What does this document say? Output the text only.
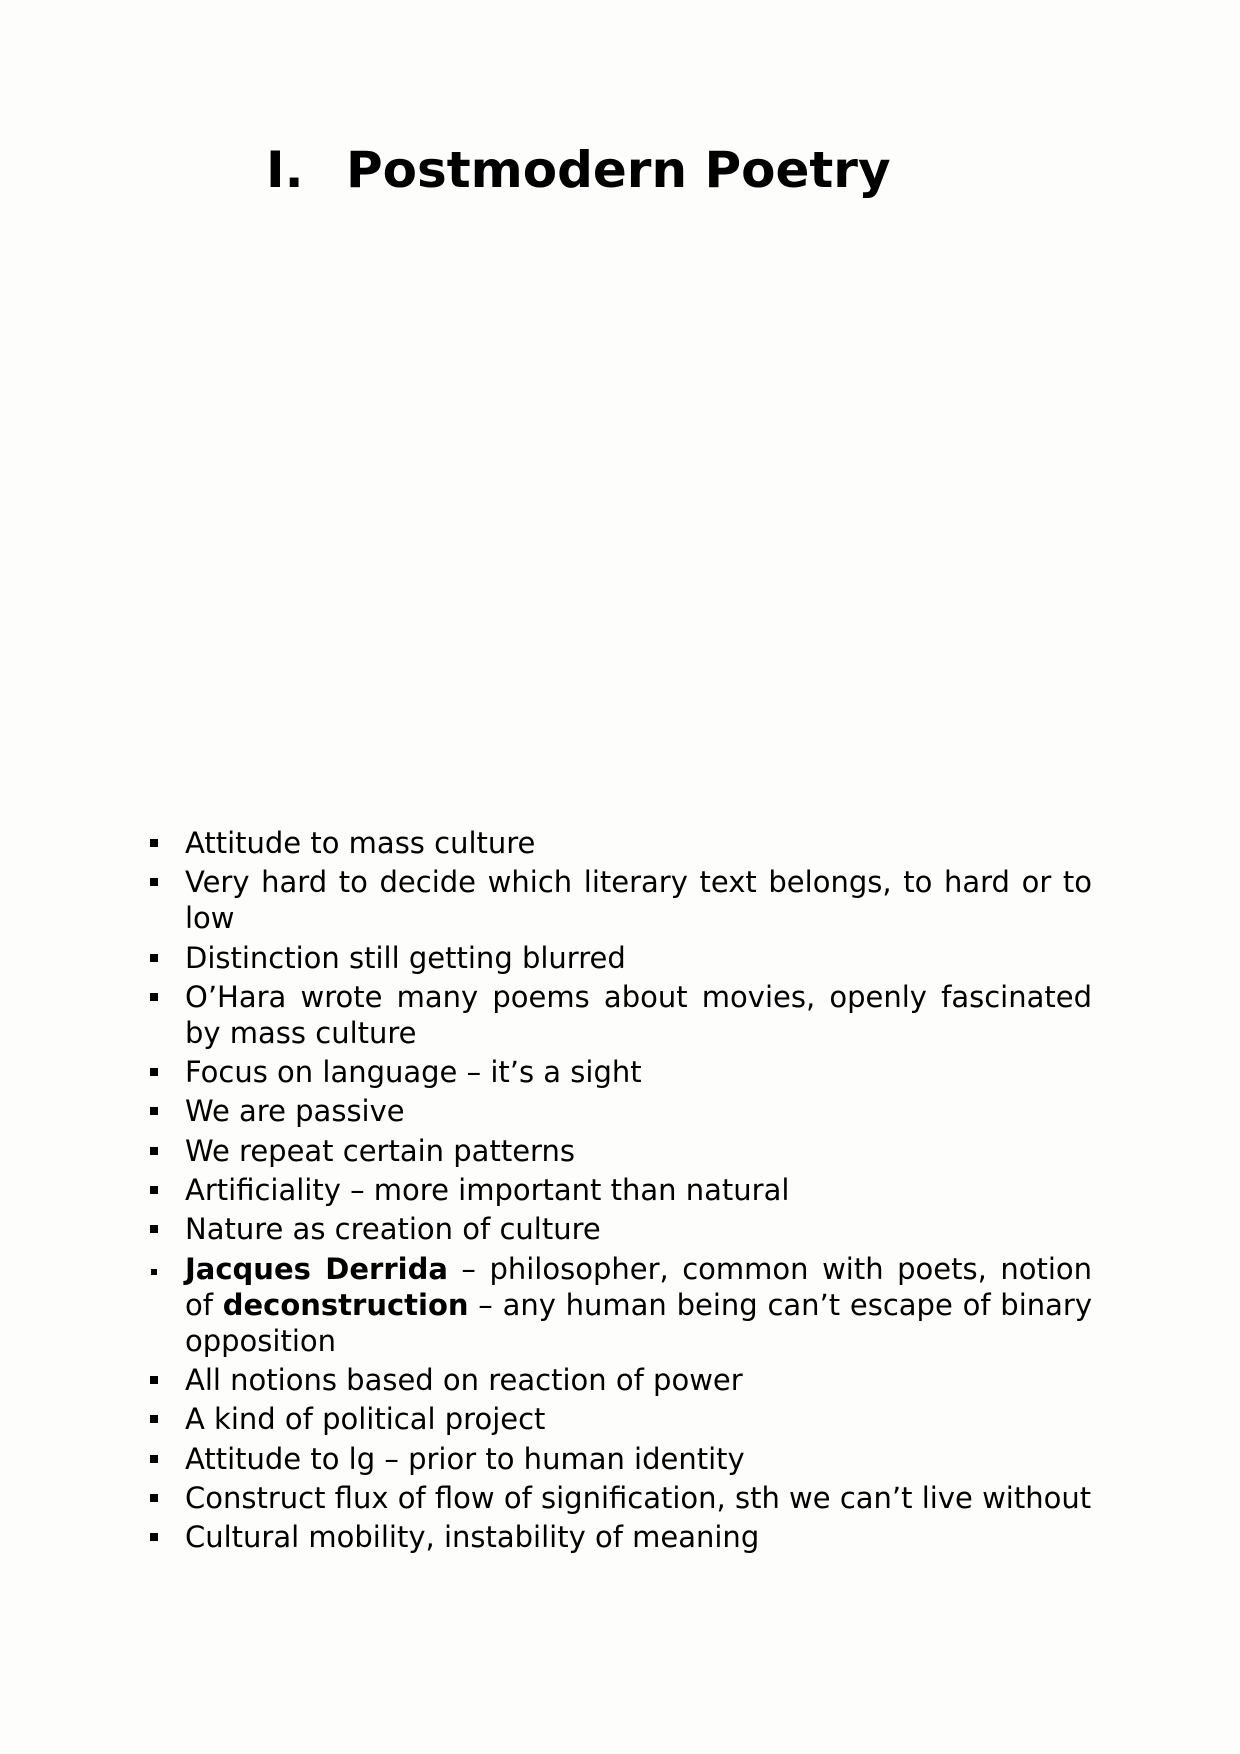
I. Postmodern Poetry
Attitude to mass culture
Very hard to decide which literary text belongs, to hard or to low
Distinction still getting blurred
O’Hara wrote many poems about movies, openly fascinated by mass culture
Focus on language – it’s a sight
We are passive
We repeat certain patterns
Artificiality – more important than natural
Nature as creation of culture
Jacques Derrida – philosopher, common with poets, notion of deconstruction – any human being can’t escape of binary opposition
All notions based on reaction of power
A kind of political project
Attitude to lg – prior to human identity
Construct flux of flow of signification, sth we can’t live without
Cultural mobility, instability of meaning
